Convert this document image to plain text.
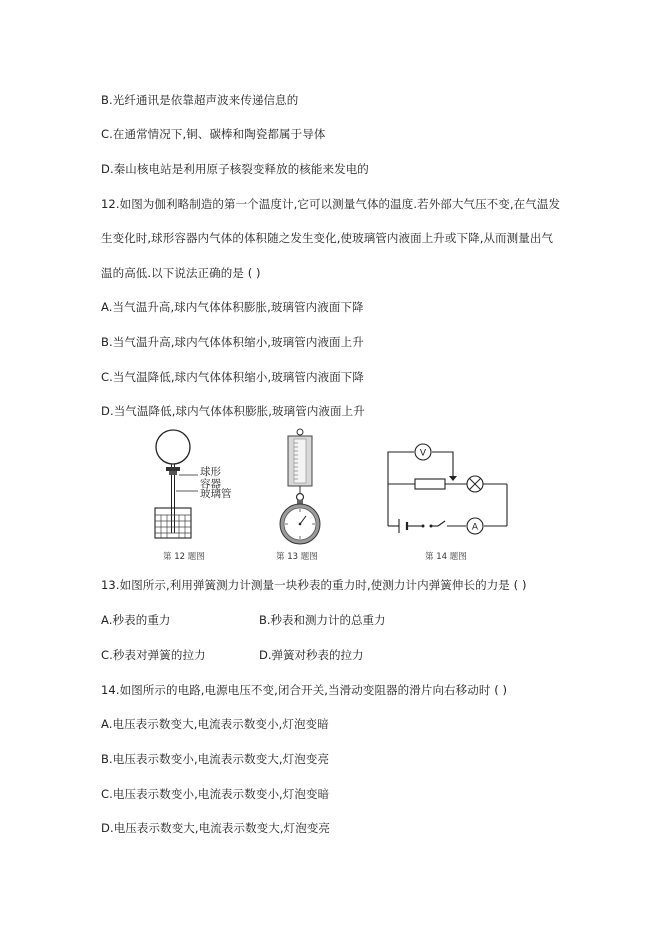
B.光纤通讯是依靠超声波来传递信息的
C.在通常情况下,铜、碳棒和陶瓷都属于导体
D.秦山核电站是利用原子核裂变释放的核能来发电的
12.如图为伽利略制造的第一个温度计,它可以测量气体的温度.若外部大气压不变,在气温发
生变化时,球形容器内气体的体积随之发生变化,使玻璃管内液面上升或下降,从而测量出气
温的高低.以下说法正确的是 ( )
A.当气温升高,球内气体体积膨胀,玻璃管内液面下降
B.当气温升高,球内气体体积缩小,玻璃管内液面上升
C.当气温降低,球内气体体积缩小,玻璃管内液面下降
D.当气温降低,球内气体体积膨胀,玻璃管内液面上升
球形
容器
玻璃管
第 12 题图	第 13 题图
V
A
第 14 题图
13.如图所示,利用弹簧测力计测量一块秒表的重力时,使测力计内弹簧伸长的力是 ( )
A.秒表的重力	B.秒表和测力计的总重力
C.秒表对弹簧的拉力	D.弹簧对秒表的拉力
14.如图所示的电路,电源电压不变,闭合开关,当滑动变阻器的滑片向右移动时 ( )
A.电压表示数变大,电流表示数变小,灯泡变暗
B.电压表示数变小,电流表示数变大,灯泡变亮
C.电压表示数变小,电流表示数变小,灯泡变暗
D.电压表示数变大,电流表示数变大,灯泡变亮
